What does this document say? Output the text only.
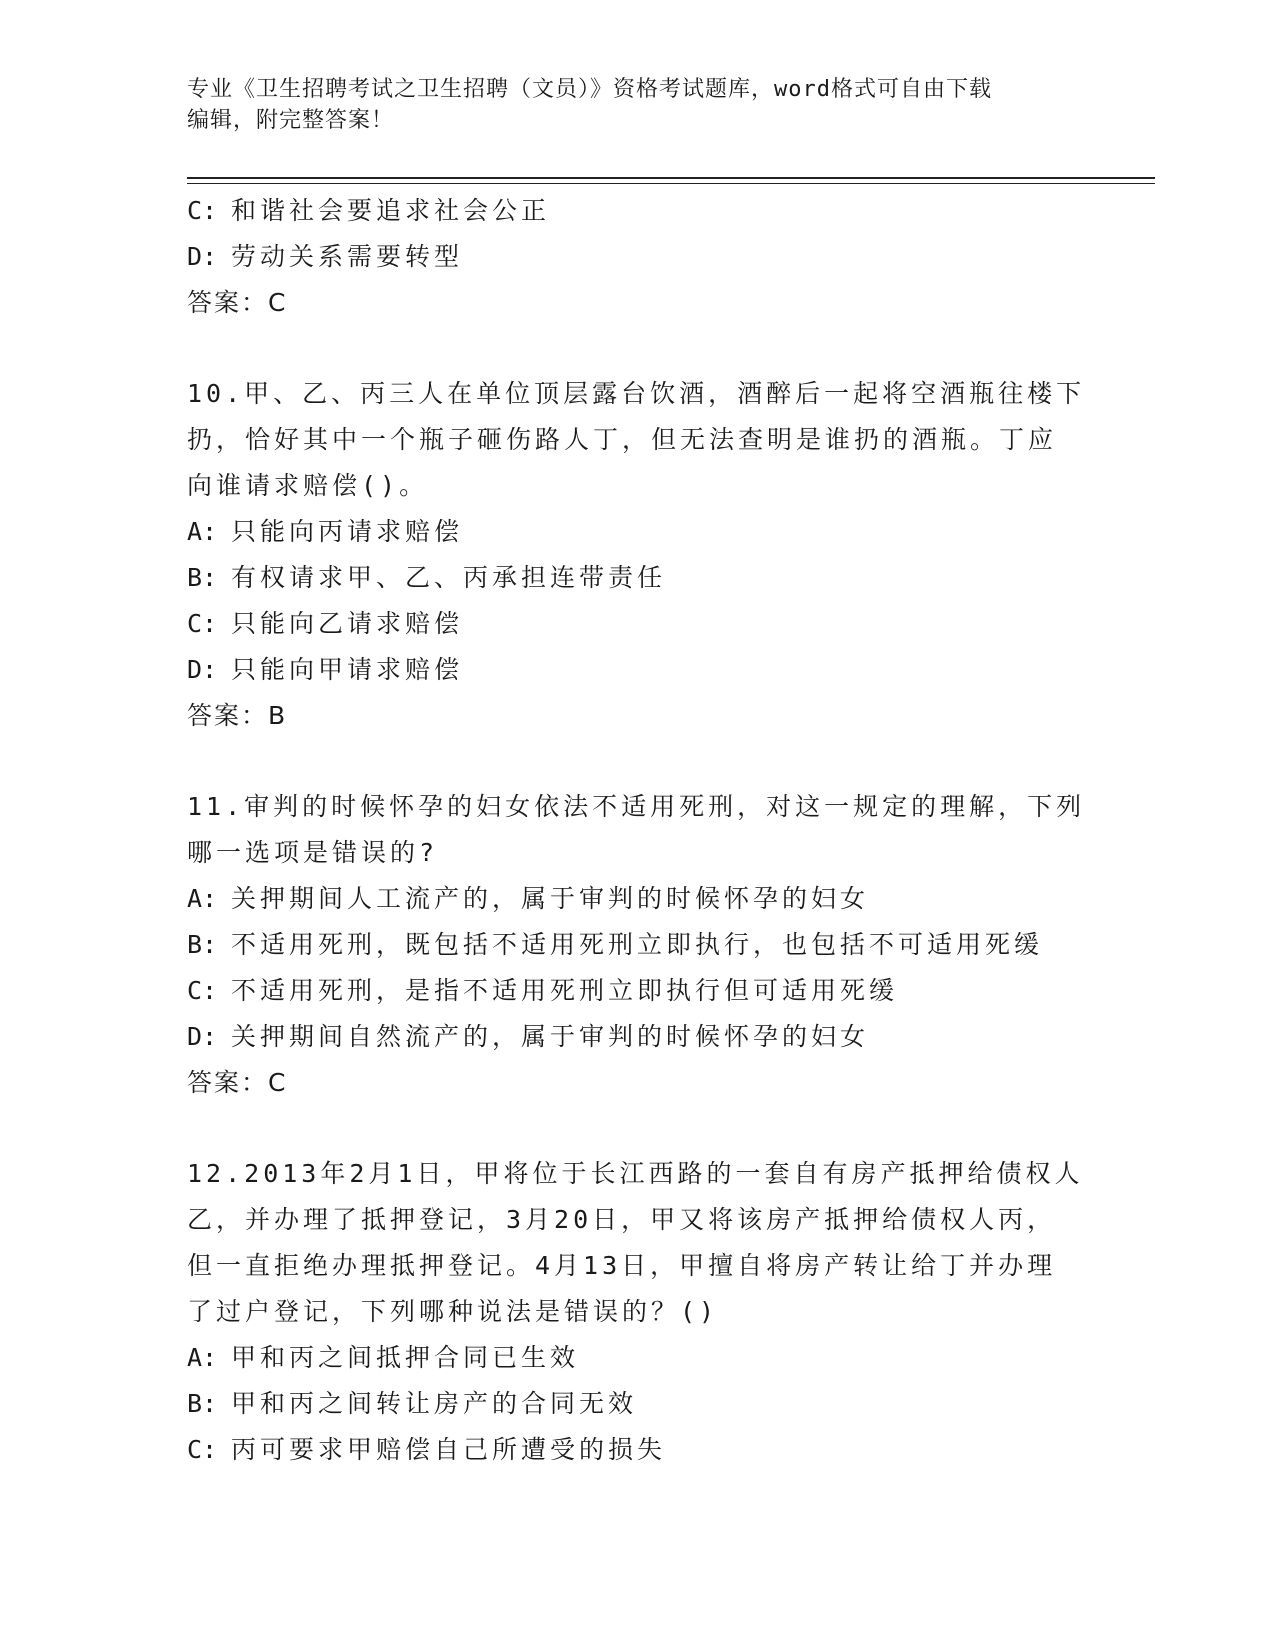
专业《卫生招聘考试之卫生招聘（文员）》资格考试题库，word格式可自由下载
编辑，附完整答案！
C: 和谐社会要追求社会公正
D: 劳动关系需要转型
答案：C
10.甲、乙、丙三人在单位顶层露台饮酒，酒醉后一起将空酒瓶往楼下
扔，恰好其中一个瓶子砸伤路人丁，但无法查明是谁扔的酒瓶。丁应
向谁请求赔偿()。
A: 只能向丙请求赔偿
B: 有权请求甲、乙、丙承担连带责任
C: 只能向乙请求赔偿
D: 只能向甲请求赔偿
答案：B
11.审判的时候怀孕的妇女依法不适用死刑，对这一规定的理解，下列
哪一选项是错误的?
A: 关押期间人工流产的，属于审判的时候怀孕的妇女
B: 不适用死刑，既包括不适用死刑立即执行，也包括不可适用死缓
C: 不适用死刑，是指不适用死刑立即执行但可适用死缓
D: 关押期间自然流产的，属于审判的时候怀孕的妇女
答案：C
12.2013年2月1日，甲将位于长江西路的一套自有房产抵押给债权人
乙，并办理了抵押登记，3月20日，甲又将该房产抵押给债权人丙，
但一直拒绝办理抵押登记。4月13日，甲擅自将房产转让给丁并办理
了过户登记，下列哪种说法是错误的？()
A: 甲和丙之间抵押合同已生效
B: 甲和丙之间转让房产的合同无效
C: 丙可要求甲赔偿自己所遭受的损失
